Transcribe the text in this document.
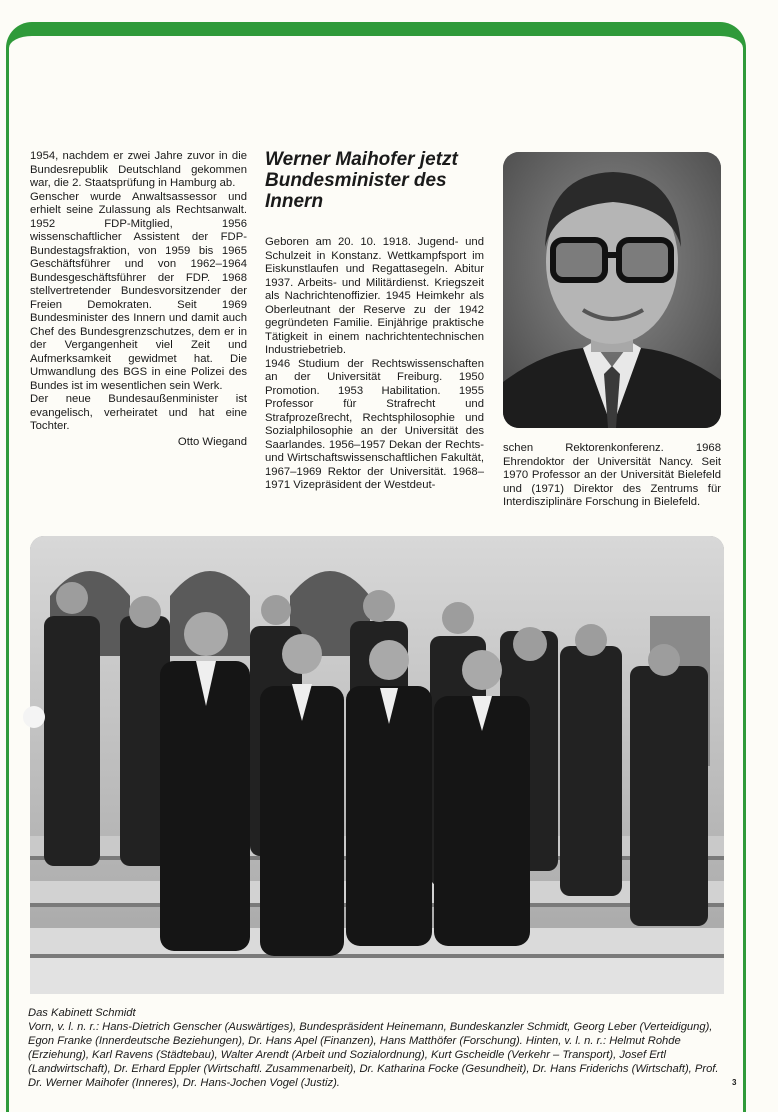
1954, nachdem er zwei Jahre zuvor in die Bundesrepublik Deutschland gekommen war, die 2. Staatsprüfung in Hamburg ab.

Genscher wurde Anwaltsassessor und erhielt seine Zulassung als Rechtsanwalt. 1952 FDP-Mitglied, 1956 wissenschaftlicher Assistent der FDP-Bundestagsfraktion, von 1959 bis 1965 Geschäftsführer und von 1962–1964 Bundesgeschäftsführer der FDP. 1968 stellvertretender Bundesvorsitzender der Freien Demokraten. Seit 1969 Bundesminister des Innern und damit auch Chef des Bundesgrenzschutzes, dem er in der Vergangenheit viel Zeit und Aufmerksamkeit gewidmet hat. Die Umwandlung des BGS in eine Polizei des Bundes ist im wesentlichen sein Werk.

Der neue Bundesaußenminister ist evangelisch, verheiratet und hat eine Tochter.

Otto Wiegand

Werner Maihofer jetzt Bundesminister des Innern

Geboren am 20. 10. 1918. Jugend- und Schulzeit in Konstanz. Wettkampfsport im Eiskunstlaufen und Regattasegeln. Abitur 1937. Arbeits- und Militärdienst. Kriegszeit als Nachrichtenoffizier. 1945 Heimkehr als Oberleutnant der Reserve zu der 1942 gegründeten Familie. Einjährige praktische Tätigkeit in einem nachrichtentechnischen Industriebetrieb.

1946 Studium der Rechtswissenschaften an der Universität Freiburg. 1950 Promotion. 1953 Habilitation. 1955 Professor für Strafrecht und Strafprozeßrecht, Rechtsphilosophie und Sozialphilosophie an der Universität des Saarlandes. 1956–1957 Dekan der Rechts- und Wirtschaftswissenschaftlichen Fakultät, 1967–1969 Rektor der Universität. 1968–1971 Vizepräsident der Westdeut-

schen Rektorenkonferenz. 1968 Ehrendoktor der Universität Nancy. Seit 1970 Professor an der Universität Bielefeld und (1971) Direktor des Zentrums für Interdisziplinäre Forschung in Bielefeld.

Das Kabinett Schmidt

Vorn, v. l. n. r.: Hans-Dietrich Genscher (Auswärtiges), Bundespräsident Heinemann, Bundeskanzler Schmidt, Georg Leber (Verteidigung), Egon Franke (Innerdeutsche Beziehungen), Dr. Hans Apel (Finanzen), Hans Matthöfer (Forschung). Hinten, v. l. n. r.: Helmut Rohde (Erziehung), Karl Ravens (Städtebau), Walter Arendt (Arbeit und Sozialordnung), Kurt Gscheidle (Verkehr – Transport), Josef Ertl (Landwirtschaft), Dr. Erhard Eppler (Wirtschaftl. Zusammenarbeit), Dr. Katharina Focke (Gesundheit), Dr. Hans Friderichs (Wirtschaft), Prof. Dr. Werner Maihofer (Inneres), Dr. Hans-Jochen Vogel (Justiz).	3
